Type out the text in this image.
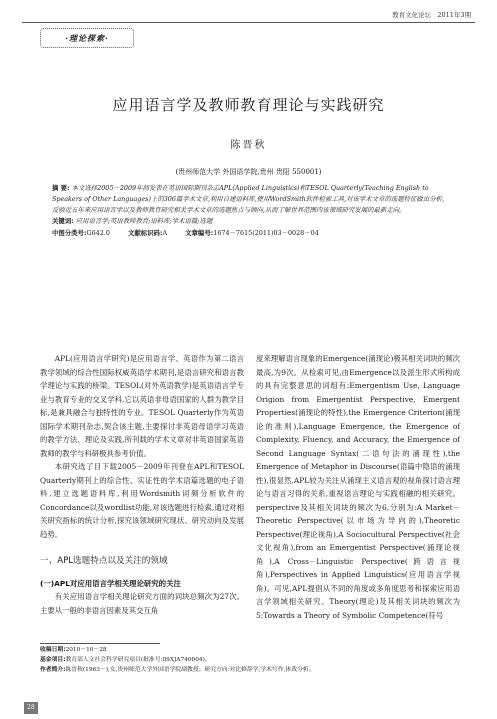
教育文化论坛 2011年3期
·理论探索·
应用语言学及教师教育理论与实践研究
陈晋秋
(贵州师范大学 外国语学院,贵州 贵阳 550001)

摘 要: 本文选择2005－2009年间发表在英语国际期刊杂志APL(Applied Linguistics)和TESOL Quarterly(Teaching English to Speakers of Other Languages)上的306篇学术文章,利用自建语料库,使用WordSmith软件检索工具,对该学术文章的选题特征做出分析,反映近五年来应用语言学以及教师教育研究相关学术文章的选题焦点与倾向,从而了解世界范围内该领域研究发展的最新走向。

关键词: 应用语言学;英语教师教育;语料库;学术语篇;选题

中图分类号:G642.0	文献标识码:A	文章编号:1674－7615(2011)03－0028－04

APL(应用语言学研究)是应用语言学、英语作为第二语言教学领域的综合性国际权威英语学术期刊,是语言研究和语言教学理论与实践的桥梁。TESOL(对外英语教学)是英语语言学专业与教育专业的交叉学科,它以英语非母语国家的人群为教学目标,是兼具融合与独特性的专业。TESOL Quarterly作为英语国际学术期刊杂志,契合该主题,主要探讨非英语母语学习英语的教学方法、理论及实践,所刊载的学术文章对非英语国家英语教师的教学与科研极具参考价值。

本研究选了目下载2005－2009年刊登在APL和TESOL Quarterly期刊上的综合性、实证性的学术语篇选题的电子语料,建立选题语料库,利用Wordsmith词频分析软件的Concordance以及wordlist功能,对该选题进行检索,通过对相关研究指标的统计分析,探究该领域研究现状、研究动向及发展趋势。

一、APL选题特点以及关注的领域

(一)APL对应用语言学相关理论研究的关注

有关应用语言学相关理论研究方面的词块总频次为27次。主要从一般的非语言因素及其交互角

度来理解语言现象的Emergence(涌现论)极其相关词块的频次最高,为9次。从检索可见,由Emergence以及派生形式所构成的具有完整意思的词组有:Emergentism Use, Language Origion from Emergentist Perspective, Emergent Properties(涌现论的特性),the Emergence Criterion(涌现论的准则),Language Emergence, the Emergence of Complexity, Fluency, and Accuracy, the Emergence of Second Language Syntax(二语句法的涌现性),the Emergence of Metaphor in Discourse(语篇中隐语的涌现性),很显然,APL较为关注从涌现主义语言观的视角探讨语言理论与语言习得的关系,重视语言理论与实践相融的相关研究。perspective及其相关词块的频次为6,分别为:A Market－Theoretic Perspective(以市场为导向的),Theoretic Perspective(理论视角),A Sociocultural Perspective(社会文化视角),from an Emergentist Perspective(涌现论视角),A Cross－Linguistic Perspective(跨语言视角),Perspectives in Applied Linguistics(应用语言学视角)。可见,APL提倡从不同的角度或多角度思考和探索应用语言学领域相关研究。Theory(理论)及其相关词块的频次为5:Towards a Theory of Symbolic Competence(符号

收稿日期:2010－10－28

基金项目:教育部人文社会科学研究项目(批准号:09XJA740004)。

作者简介:陈晋秋(1963－),女,贵州师范大学外国语学院副教授。研究方向:对比修辞学,学术写作,体裁分析。

28
